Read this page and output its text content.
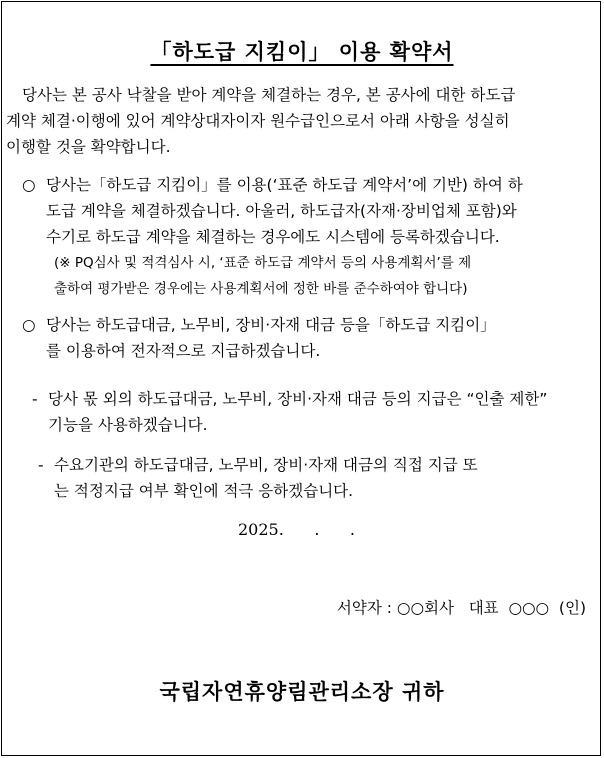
「하도급 지킴이」 이용 확약서
당사는 본 공사 낙찰을 받아 계약을 체결하는 경우, 본 공사에 대한 하도급
계약 체결·이행에 있어 계약상대자이자 원수급인으로서 아래 사항을 성실히
이행할 것을 확약합니다.
○ 당사는「하도급 지킴이」를 이용(‘표준 하도급 계약서’에 기반) 하여 하
도급 계약을 체결하겠습니다. 아울러, 하도급자(자재·장비업체 포함)와
수기로 하도급 계약을 체결하는 경우에도 시스템에 등록하겠습니다.
(※ PQ심사 및 적격심사 시, ‘표준 하도급 계약서 등의 사용계획서’를 제
출하여 평가받은 경우에는 사용계획서에 정한 바를 준수하여야 합니다)
○ 당사는 하도급대금, 노무비, 장비·자재 대금 등을「하도급 지킴이」
를 이용하여 전자적으로 지급하겠습니다.
- 당사 몫 외의 하도급대금, 노무비, 장비·자재 대금 등의 지급은 “인출 제한”
기능을 사용하겠습니다.
- 수요기관의 하도급대금, 노무비, 장비·자재 대금의 직접 지급 또
는 적정지급 여부 확인에 적극 응하겠습니다.
2025.      .      .
서약자 : ○○회사   대표  ○○○  (인)
국립자연휴양림관리소장 귀하
